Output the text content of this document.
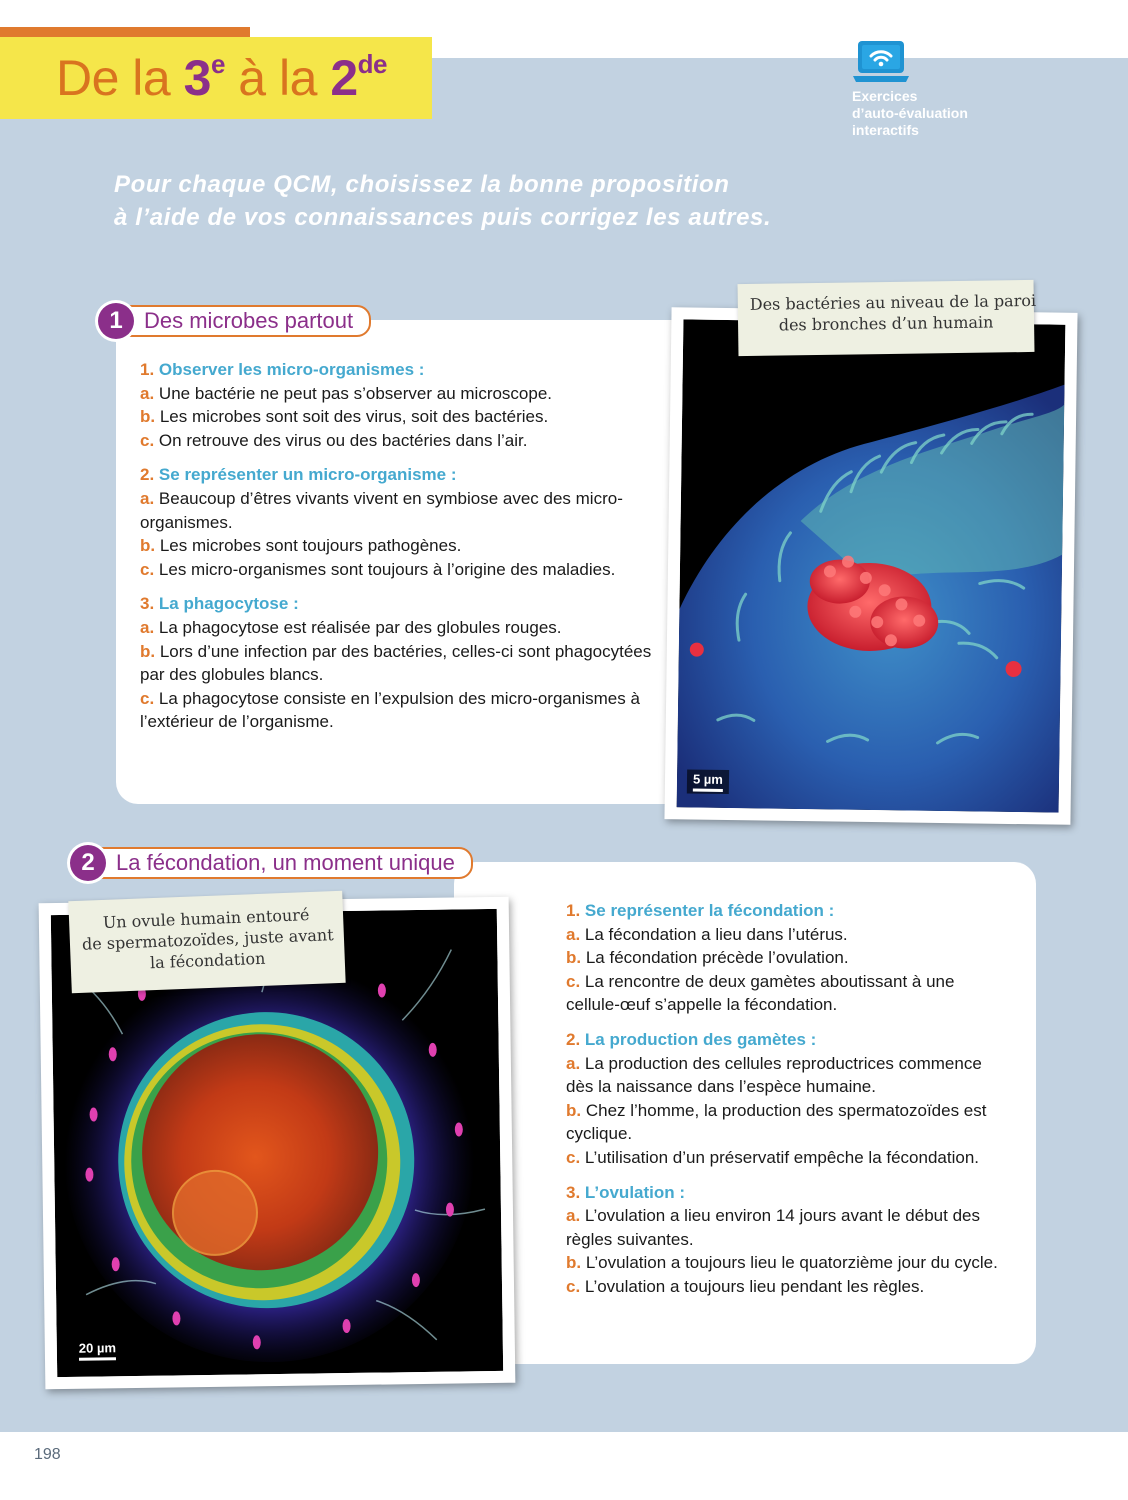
De la 3e à la 2de
Exercices
d’auto-évaluation
interactifs
Pour chaque QCM, choisissez la bonne proposition
à l’aide de vos connaissances puis corrigez les autres.
1 Des microbes partout

1. Observer les micro-organismes :

a. Une bactérie ne peut pas s’observer au microscope.

b. Les microbes sont soit des virus, soit des bactéries.

c. On retrouve des virus ou des bactéries dans l’air.

2. Se représenter un micro-organisme :

a. Beaucoup d’êtres vivants vivent en symbiose avec des micro-organismes.

b. Les microbes sont toujours pathogènes.

c. Les micro-organismes sont toujours à l’origine des maladies.

3. La phagocytose :

a. La phagocytose est réalisée par des globules rouges.

b. Lors d’une infection par des bactéries, celles-ci sont phagocytées par des globules blancs.

c. La phagocytose consiste en l’expulsion des micro-organismes à l’extérieur de l’organisme.

5 µm
Des bactéries au niveau de la paroi
des bronches d’un humain
2 La fécondation, un moment unique

1. Se représenter la fécondation :

a. La fécondation a lieu dans l’utérus.

b. La fécondation précède l’ovulation.

c. La rencontre de deux gamètes aboutissant à une cellule-œuf s’appelle la fécondation.

2. La production des gamètes :

a. La production des cellules reproductrices commence dès la naissance dans l’espèce humaine.

b. Chez l’homme, la production des spermatozoïdes est cyclique.

c. L’utilisation d’un préservatif empêche la fécondation.

3. L’ovulation :

a. L’ovulation a lieu environ 14 jours avant le début des règles suivantes.

b. L’ovulation a toujours lieu le quatorzième jour du cycle.

c. L’ovulation a toujours lieu pendant les règles.

20 µm
Un ovule humain entouré
de spermatozoïdes, juste avant
la fécondation
198
